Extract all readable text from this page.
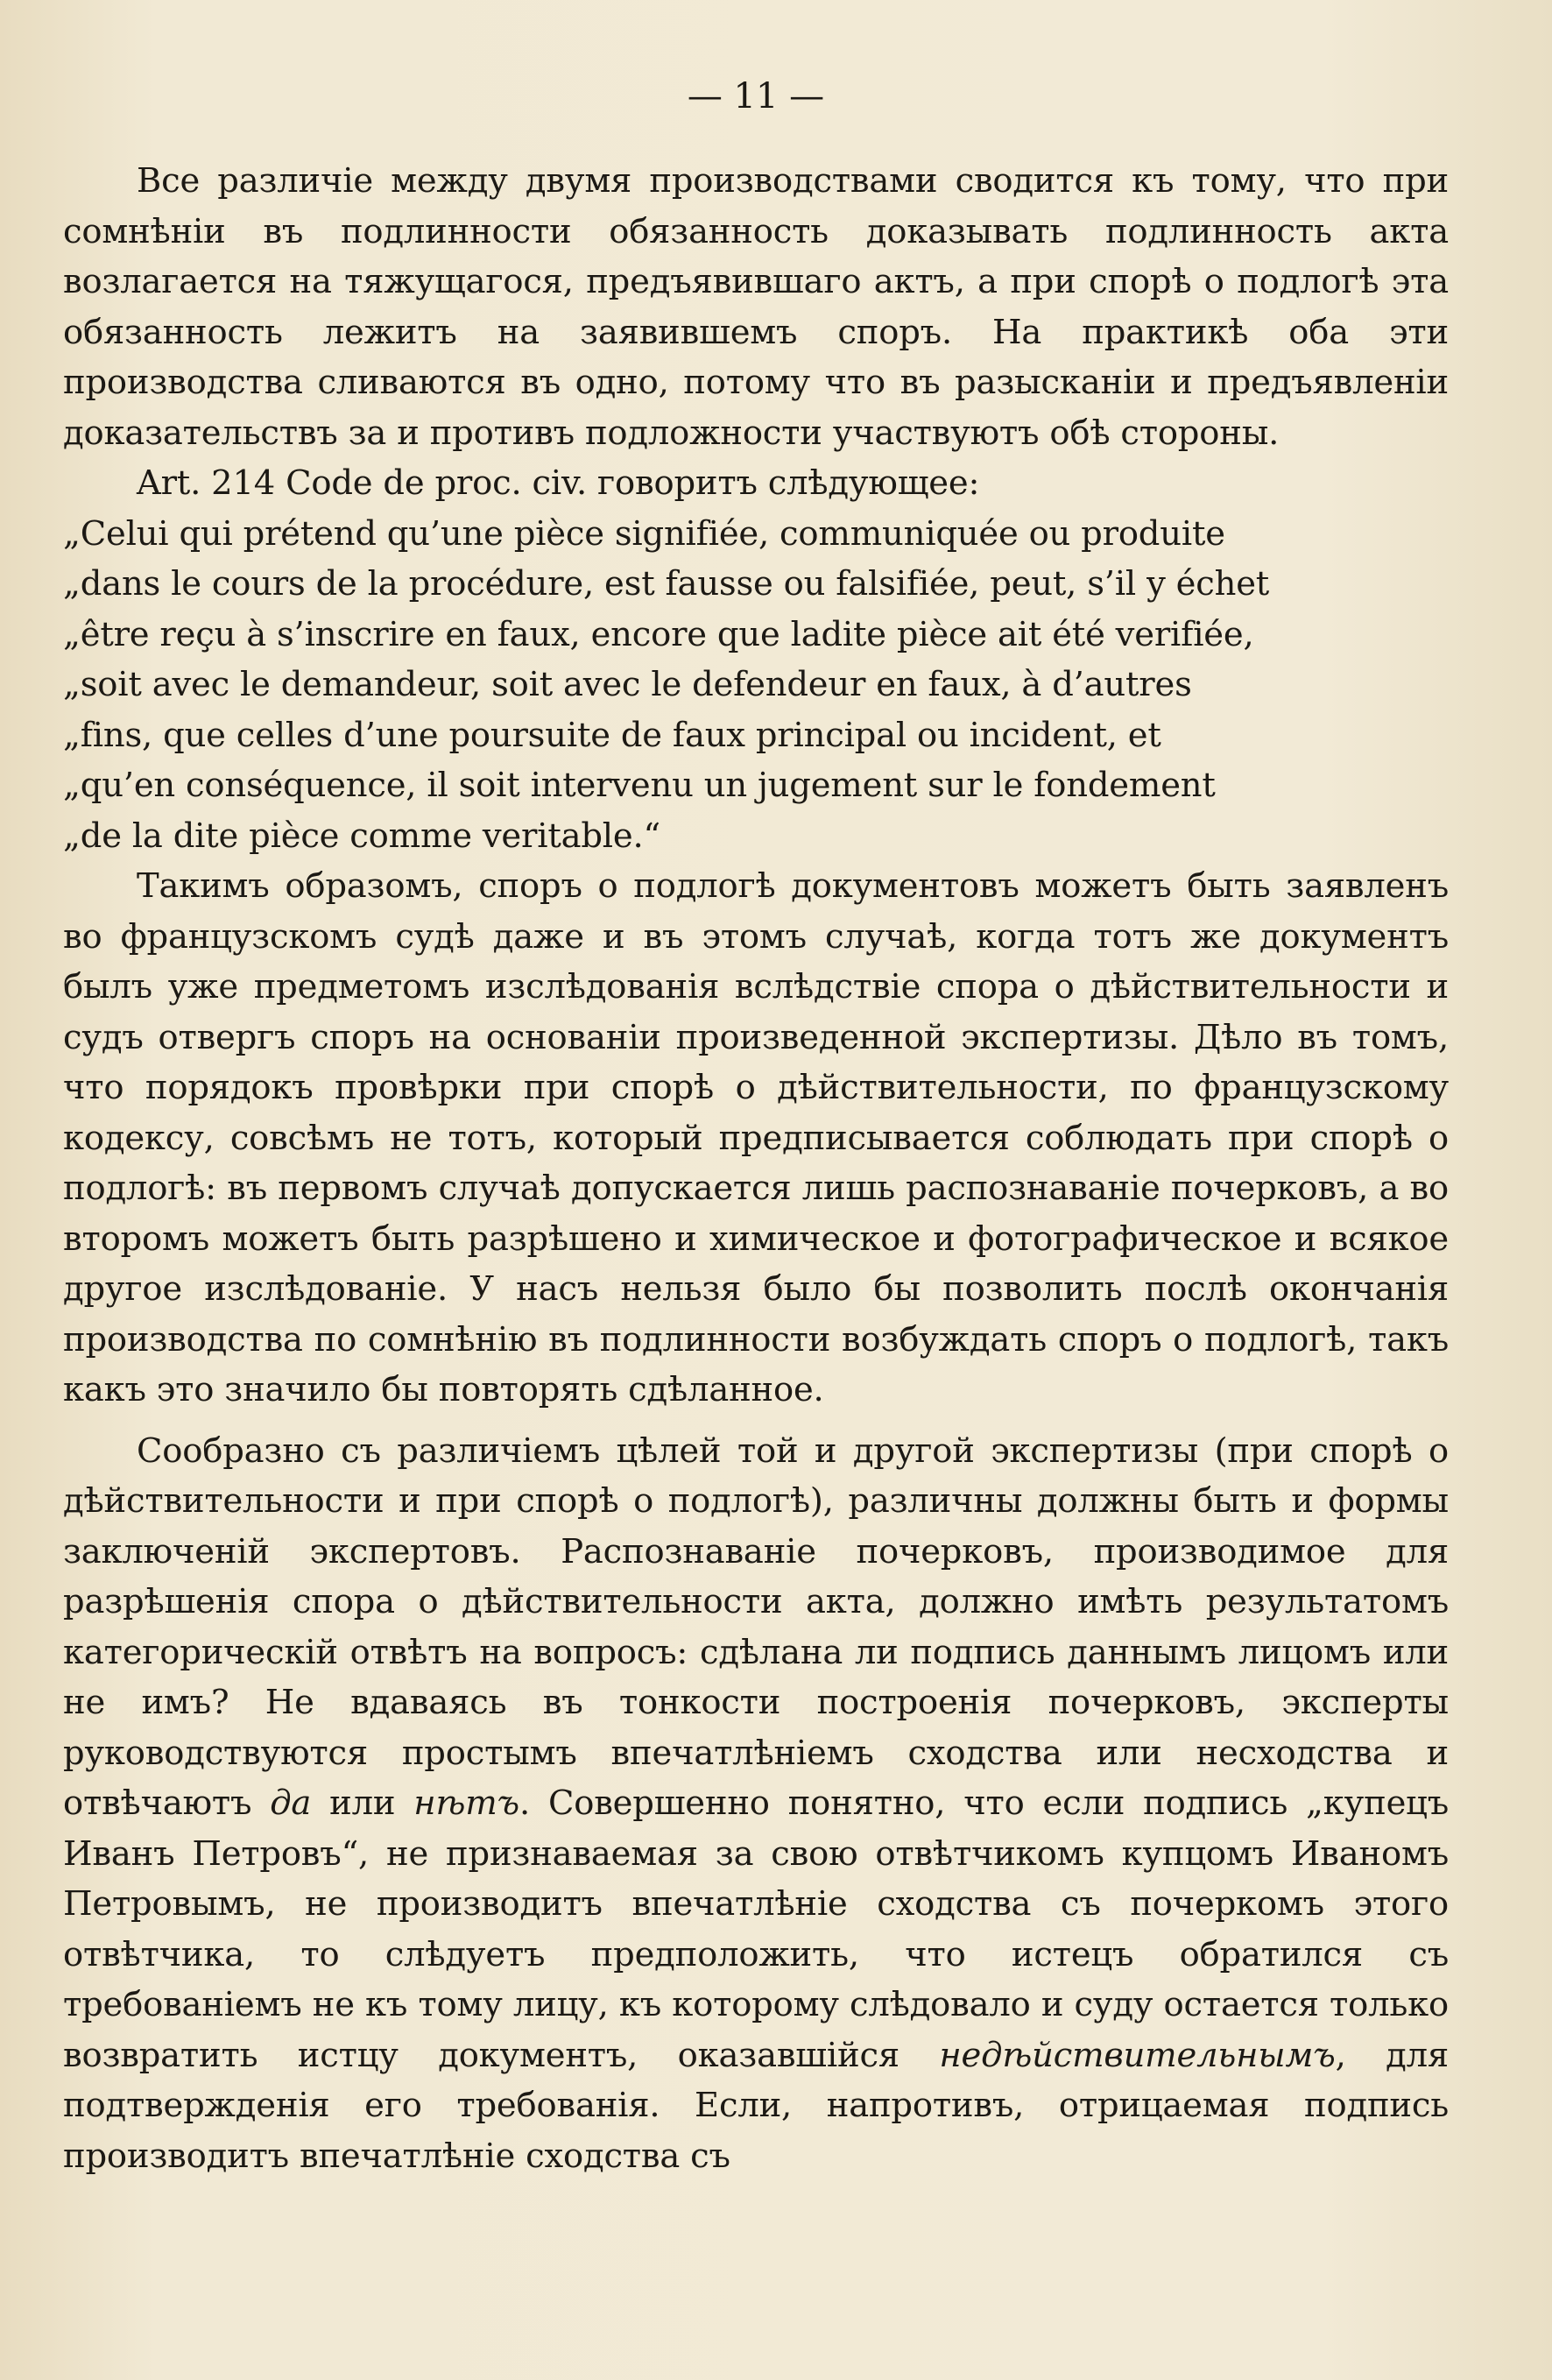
— 11 —

Все различіе между двумя производствами сводится къ тому, что при сомнѣніи въ подлинности обязанность доказывать подлинность акта возлагается на тяжущагося, предъявившаго актъ, а при спорѣ о подлогѣ эта обязанность лежитъ на заявившемъ споръ. На практикѣ оба эти производства сливаются въ одно, потому что въ разысканіи и предъявленіи доказательствъ за и противъ подложности участвуютъ обѣ стороны.

Art. 214 Code de proc. civ. говоритъ слѣдующее:

„Celui qui prétend qu’une pièce signifiée, communiquée ou produite
„dans le cours de la procédure, est fausse ou falsifiée, peut, s’il y échet
„être reçu à s’inscrire en faux, encore que ladite pièce ait été verifiée,
„soit avec le demandeur, soit avec le defendeur en faux, à d’autres
„fins, que celles d’une poursuite de faux principal ou incident, et
„qu’en conséquence, il soit intervenu un jugement sur le fondement
„de la dite pièce comme veritable.“

Такимъ образомъ, споръ о подлогѣ документовъ можетъ быть заявленъ во французскомъ судѣ даже и въ этомъ случаѣ, когда тотъ же документъ былъ уже предметомъ изслѣдованія вслѣдствіе спора о дѣйствительности и судъ отвергъ споръ на основаніи произведенной экспертизы. Дѣло въ томъ, что порядокъ провѣрки при спорѣ о дѣйствительности, по французскому кодексу, совсѣмъ не тотъ, который предписывается соблюдать при спорѣ о подлогѣ: въ первомъ случаѣ допускается лишь распознаваніе почерковъ, а во второмъ можетъ быть разрѣшено и химическое и фотографическое и всякое другое изслѣдованіе. У насъ нельзя было бы позволить послѣ окончанія производства по сомнѣнію въ подлинности возбуждать споръ о подлогѣ, такъ какъ это значило бы повторять сдѣланное.

Сообразно съ различіемъ цѣлей той и другой экспертизы (при спорѣ о дѣйствительности и при спорѣ о подлогѣ), различны должны быть и формы заключеній экспертовъ. Распознаваніе почерковъ, производимое для разрѣшенія спора о дѣйствительности акта, должно имѣть результатомъ категорическій отвѣтъ на вопросъ: сдѣлана ли подпись даннымъ лицомъ или не имъ? Не вдаваясь въ тонкости построенія почерковъ, эксперты руководствуются простымъ впечатлѣніемъ сходства или несходства и отвѣчаютъ да или нѣтъ. Совершенно понятно, что если подпись „купецъ Иванъ Петровъ“, не признаваемая за свою отвѣтчикомъ купцомъ Иваномъ Петровымъ, не производитъ впечатлѣніе сходства съ почеркомъ этого отвѣтчика, то слѣдуетъ предположить, что истецъ обратился съ требованіемъ не къ тому лицу, къ которому слѣдовало и суду остается только возвратить истцу документъ, оказавшійся недѣйствительнымъ, для подтвержденія его требованія. Если, напротивъ, отрицаемая подпись производитъ впечатлѣніе сходства съ
